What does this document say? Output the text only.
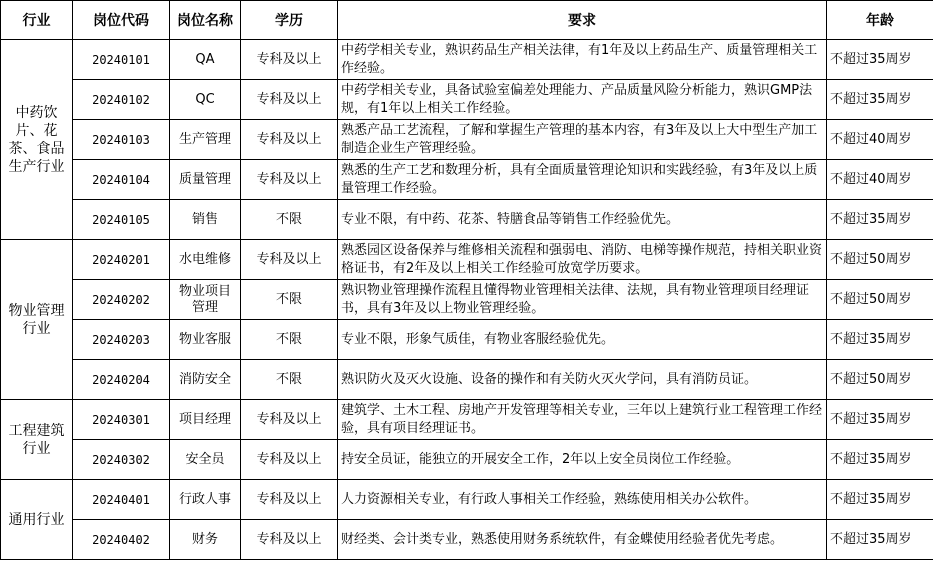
行业	岗位代码	岗位名称	学历	要求	年龄
中药饮片、花茶、食品生产行业	20240101	QA	专科及以上	中药学相关专业，熟识药品生产相关法律，有1年及以上药品生产、质量管理相关工作经验。	不超过35周岁
	20240102	QC	专科及以上	中药学相关专业，具备试验室偏差处理能力、产品质量风险分析能力，熟识GMP法规，有1年以上相关工作经验。	不超过35周岁
	20240103	生产管理	专科及以上	熟悉产品工艺流程，了解和掌握生产管理的基本内容，有3年及以上大中型生产加工制造企业生产管理经验。	不超过40周岁
	20240104	质量管理	专科及以上	熟悉的生产工艺和数理分析，具有全面质量管理论知识和实践经验，有3年及以上质量管理工作经验。	不超过40周岁
	20240105	销售	不限	专业不限，有中药、花茶、特膳食品等销售工作经验优先。	不超过35周岁
物业管理行业	20240201	水电维修	专科及以上	熟悉园区设备保养与维修相关流程和强弱电、消防、电梯等操作规范，持相关职业资格证书，有2年及以上相关工作经验可放宽学历要求。	不超过50周岁
	20240202	物业项目管理	不限	熟识物业管理操作流程且懂得物业管理相关法律、法规，具有物业管理项目经理证书，具有3年及以上物业管理经验。	不超过50周岁
	20240203	物业客服	不限	专业不限，形象气质佳，有物业客服经验优先。	不超过35周岁
	20240204	消防安全	不限	熟识防火及灭火设施、设备的操作和有关防火灭火学问，具有消防员证。	不超过50周岁
工程建筑行业	20240301	项目经理	专科及以上	建筑学、土木工程、房地产开发管理等相关专业，三年以上建筑行业工程管理工作经验，具有项目经理证书。	不超过35周岁
	20240302	安全员	专科及以上	持安全员证，能独立的开展安全工作，2年以上安全员岗位工作经验。	不超过35周岁
通用行业	20240401	行政人事	专科及以上	人力资源相关专业，有行政人事相关工作经验，熟练使用相关办公软件。	不超过35周岁
	20240402	财务	专科及以上	财经类、会计类专业，熟悉使用财务系统软件，有金蝶使用经验者优先考虑。	不超过35周岁
